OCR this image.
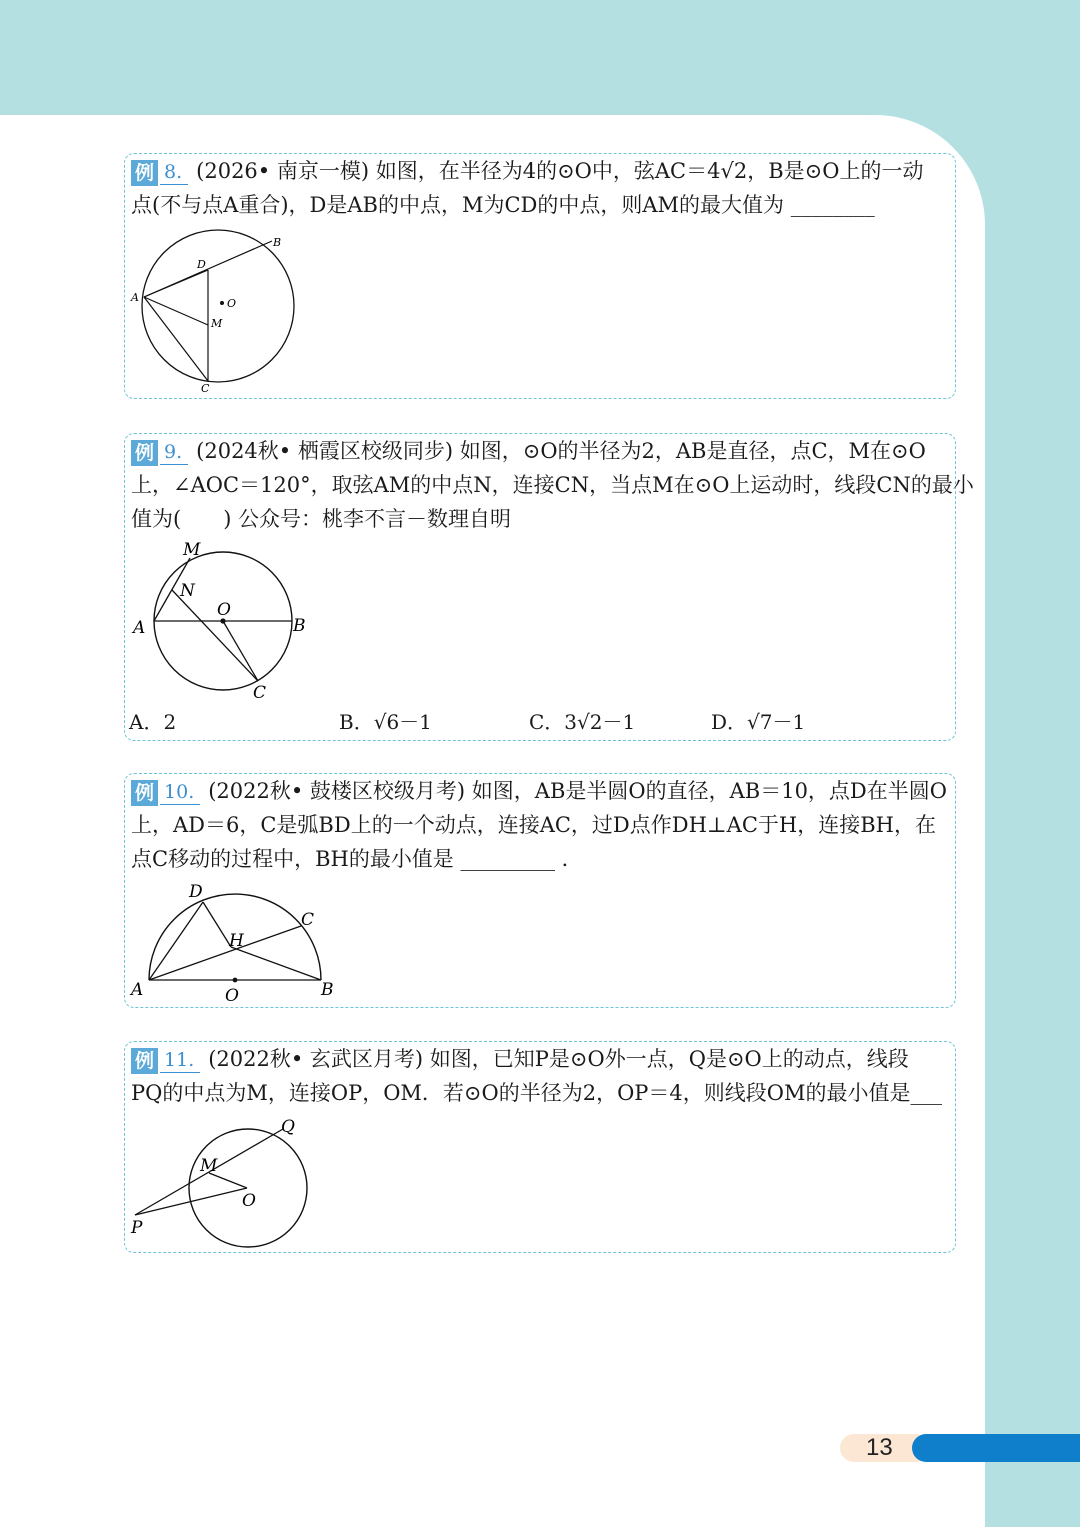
例 8. (2026• 南京一模) 如图，在半径为4的⊙O中，弦AC＝4√2，B是⊙O上的一动
点(不与点A重合)，D是AB的中点，M为CD的中点，则AM的最大值为 ________
A
B
C
D
M
O
例 9. (2024秋• 栖霞区校级同步) 如图，⊙O的半径为2，AB是直径，点C，M在⊙O
上，∠AOC＝120°，取弦AM的中点N，连接CN，当点M在⊙O上运动时，线段CN的最小
值为(　　) 公众号：桃李不言－数理自明
A	B
C
M
N
O
A．2	B．√6－1	C．3√2－1	D．√7－1
例 10. (2022秋• 鼓楼区校级月考) 如图，AB是半圆O的直径，AB＝10，点D在半圆O
上，AD＝6，C是弧BD上的一个动点，连接AC，过D点作DH⊥AC于H，连接BH，在
点C移动的过程中，BH的最小值是 _________ ．
A	B
C
D
H
O
例 11. (2022秋• 玄武区月考) 如图，已知P是⊙O外一点，Q是⊙O上的动点，线段
PQ的中点为M，连接OP，OM．若⊙O的半径为2，OP＝4，则线段OM的最小值是___
M
O
P
Q
13
